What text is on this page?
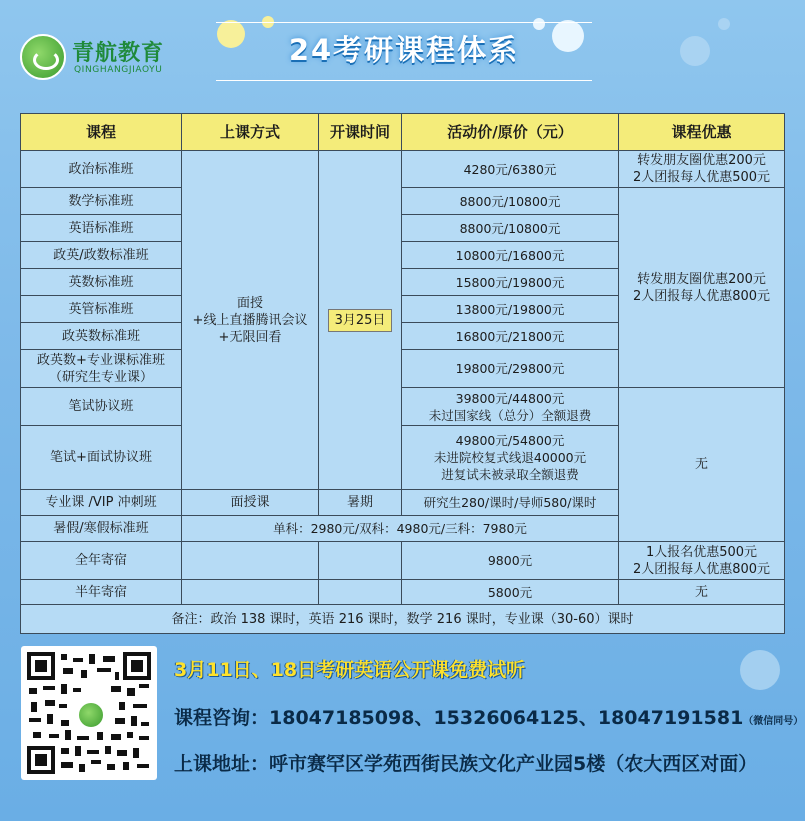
青航教育
QINGHANGJIAOYU
24考研课程体系
课程	上课方式	开课时间	活动价/原价（元）	课程优惠
政治标准班	面授
+线上直播腾讯会议
+无限回看	3月25日	4280元/6380元	转发朋友圈优惠200元
2人团报每人优惠500元
数学标准班			8800元/10800元	转发朋友圈优惠200元
2人团报每人优惠800元
英语标准班			8800元/10800元	
政英/政数标准班			10800元/16800元	
英数标准班			15800元/19800元	
英管标准班			13800元/19800元	
政英数标准班			16800元/21800元	
政英数+专业课标准班
（研究生专业课）			19800元/29800元	
笔试协议班			39800元/44800元
未过国家线（总分）全额退费	无
笔试+面试协议班			49800元/54800元
未进院校复式线退40000元
进复试未被录取全额退费	
专业课 /VIP 冲刺班	面授课	暑期	研究生280/课时/导师580/课时	
暑假/寒假标准班	单科：2980元/双科：4980元/三科：7980元			
全年寄宿			9800元	1人报名优惠500元
2人团报每人优惠800元
半年寄宿			5800元	无
备注：政治 138 课时，英语 216 课时，数学 216 课时，专业课（30-60）课时				
3月11日、18日考研英语公开课免费试听
课程咨询：18047185098、15326064125、18047191581（微信同号）
上课地址：呼市赛罕区学苑西街民族文化产业园5楼（农大西区对面）
